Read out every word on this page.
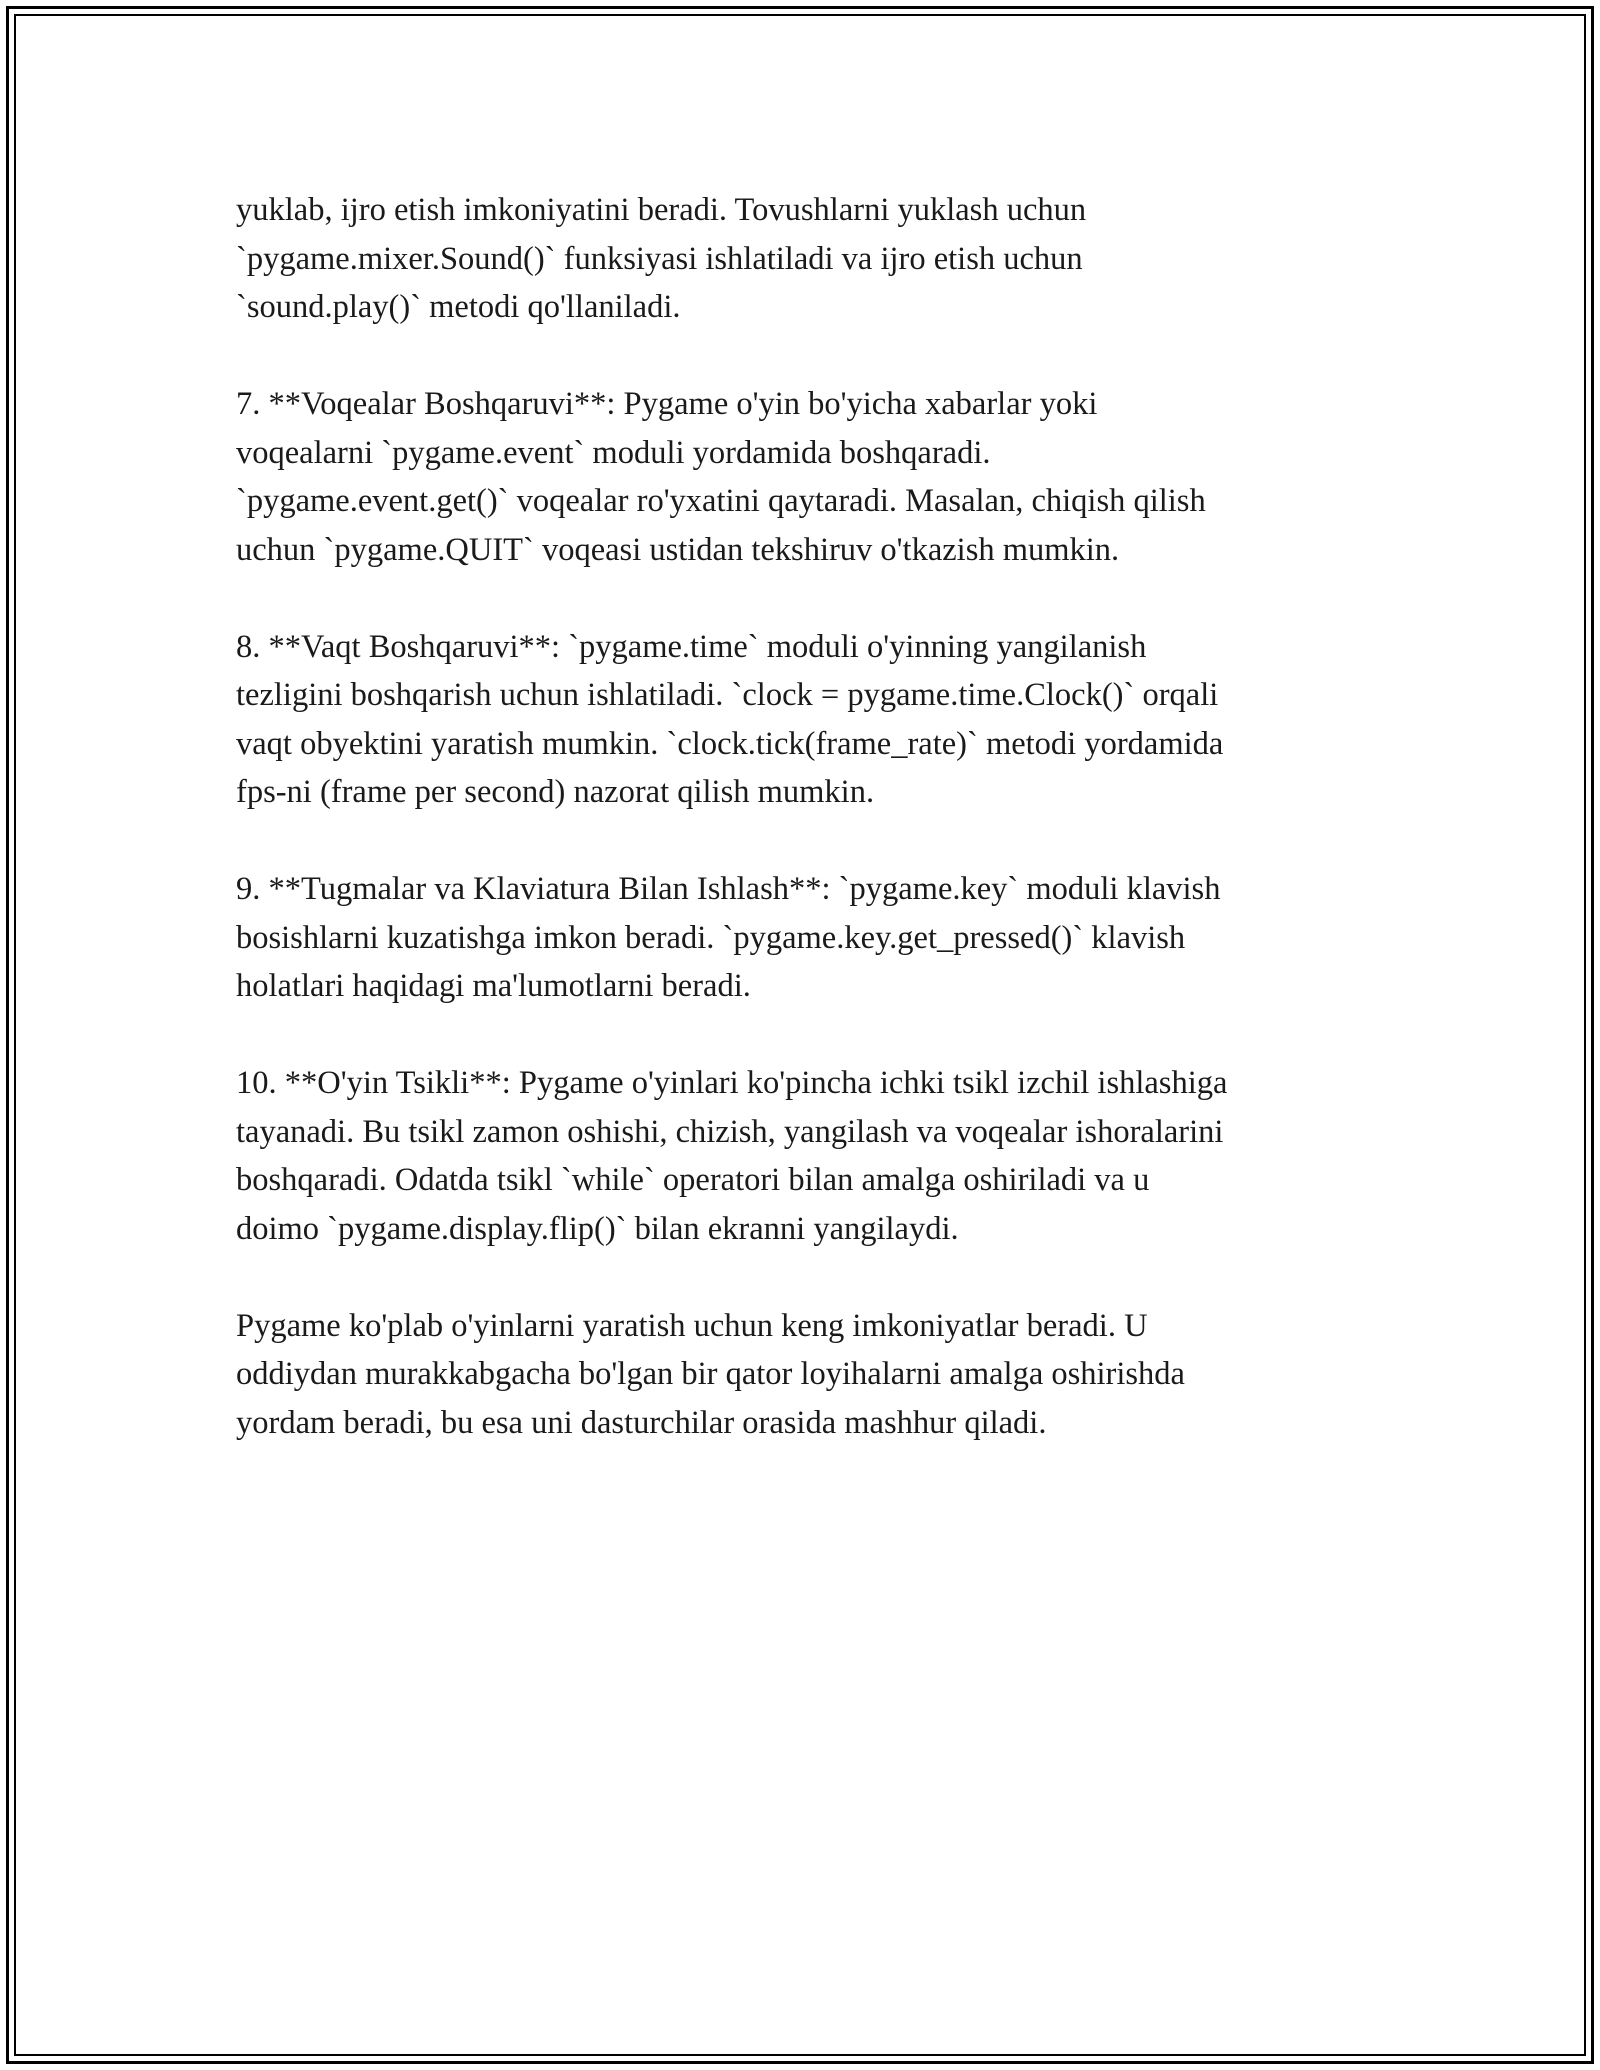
yuklab, ijro etish imkoniyatini beradi. Tovushlarni yuklash uchun
`pygame.mixer.Sound()` funksiyasi ishlatiladi va ijro etish uchun
`sound.play()` metodi qo'llaniladi.

7. **Voqealar Boshqaruvi**: Pygame o'yin bo'yicha xabarlar yoki
voqealarni `pygame.event` moduli yordamida boshqaradi.
`pygame.event.get()` voqealar ro'yxatini qaytaradi. Masalan, chiqish qilish
uchun `pygame.QUIT` voqeasi ustidan tekshiruv o'tkazish mumkin.

8. **Vaqt Boshqaruvi**: `pygame.time` moduli o'yinning yangilanish
tezligini boshqarish uchun ishlatiladi. `clock = pygame.time.Clock()` orqali
vaqt obyektini yaratish mumkin. `clock.tick(frame_rate)` metodi yordamida
fps-ni (frame per second) nazorat qilish mumkin.

9. **Tugmalar va Klaviatura Bilan Ishlash**: `pygame.key` moduli klavish
bosishlarni kuzatishga imkon beradi. `pygame.key.get_pressed()` klavish
holatlari haqidagi ma'lumotlarni beradi.

10. **O'yin Tsikli**: Pygame o'yinlari ko'pincha ichki tsikl izchil ishlashiga
tayanadi. Bu tsikl zamon oshishi, chizish, yangilash va voqealar ishoralarini
boshqaradi. Odatda tsikl `while` operatori bilan amalga oshiriladi va u
doimo `pygame.display.flip()` bilan ekranni yangilaydi.

Pygame ko'plab o'yinlarni yaratish uchun keng imkoniyatlar beradi. U
oddiydan murakkabgacha bo'lgan bir qator loyihalarni amalga oshirishda
yordam beradi, bu esa uni dasturchilar orasida mashhur qiladi.
